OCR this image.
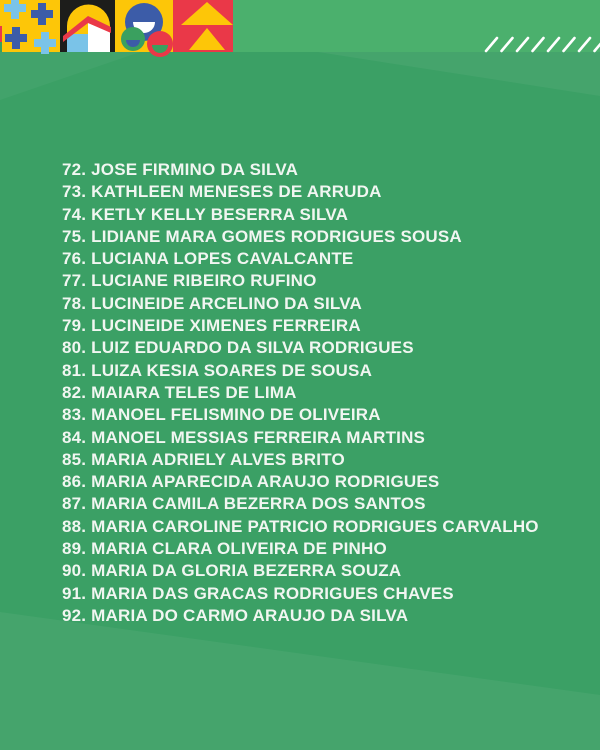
72. JOSE FIRMINO DA SILVA
73. KATHLEEN MENESES DE ARRUDA
74. KETLY KELLY BESERRA SILVA
75. LIDIANE MARA GOMES RODRIGUES SOUSA
76. LUCIANA LOPES CAVALCANTE
77. LUCIANE RIBEIRO RUFINO
78. LUCINEIDE ARCELINO DA SILVA
79. LUCINEIDE XIMENES FERREIRA
80. LUIZ EDUARDO DA SILVA RODRIGUES
81. LUIZA KESIA SOARES DE SOUSA
82. MAIARA TELES DE LIMA
83. MANOEL FELISMINO DE OLIVEIRA
84. MANOEL MESSIAS FERREIRA MARTINS
85. MARIA ADRIELY ALVES BRITO
86. MARIA APARECIDA ARAUJO RODRIGUES
87. MARIA CAMILA BEZERRA DOS SANTOS
88. MARIA CAROLINE PATRICIO RODRIGUES CARVALHO
89. MARIA CLARA OLIVEIRA DE PINHO
90. MARIA DA GLORIA BEZERRA SOUZA
91. MARIA DAS GRACAS RODRIGUES CHAVES
92. MARIA DO CARMO ARAUJO DA SILVA
